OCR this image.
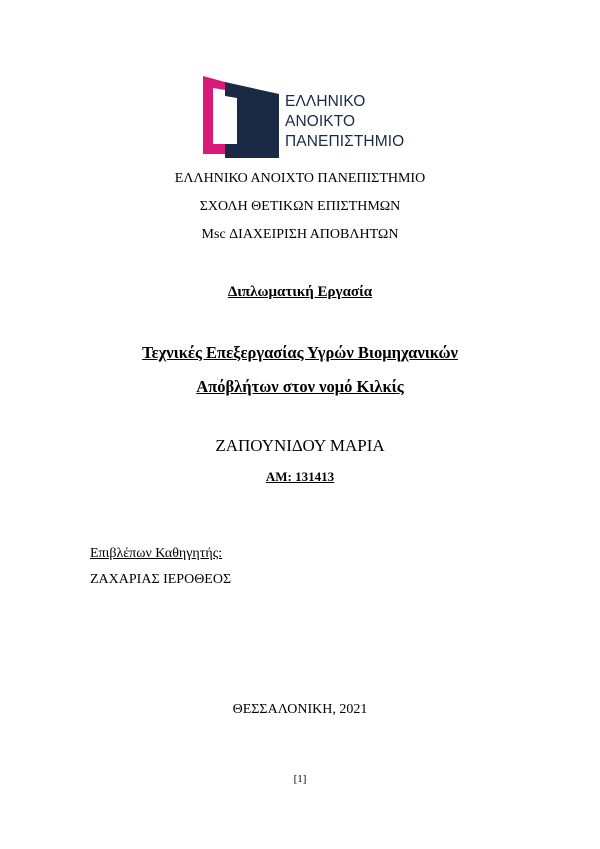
ΕΛΛΗΝΙΚΟ
ΑΝΟΙΚΤΟ
ΠΑΝΕΠΙΣΤΗΜΙΟ
ΕΛΛΗΝΙΚΟ ΑΝΟΙΧΤΟ ΠΑΝΕΠΙΣΤΗΜΙΟ
ΣΧΟΛΗ ΘΕΤΙΚΩΝ ΕΠΙΣΤΗΜΩΝ
Msc ΔΙΑΧΕΙΡΙΣΗ ΑΠΟΒΛΗΤΩΝ
Διπλωματική Εργασία
Τεχνικές Επεξεργασίας Υγρών Βιομηχανικών
Απόβλήτων στον νομό Κιλκίς
ΖΑΠΟΥΝΙΔΟΥ ΜΑΡΙΑ
ΑΜ: 131413
Επιβλέπων Καθηγητής:
ΖΑΧΑΡΙΑΣ ΙΕΡΟΘΕΟΣ
ΘΕΣΣΑΛΟΝΙΚΗ, 2021
[1]
